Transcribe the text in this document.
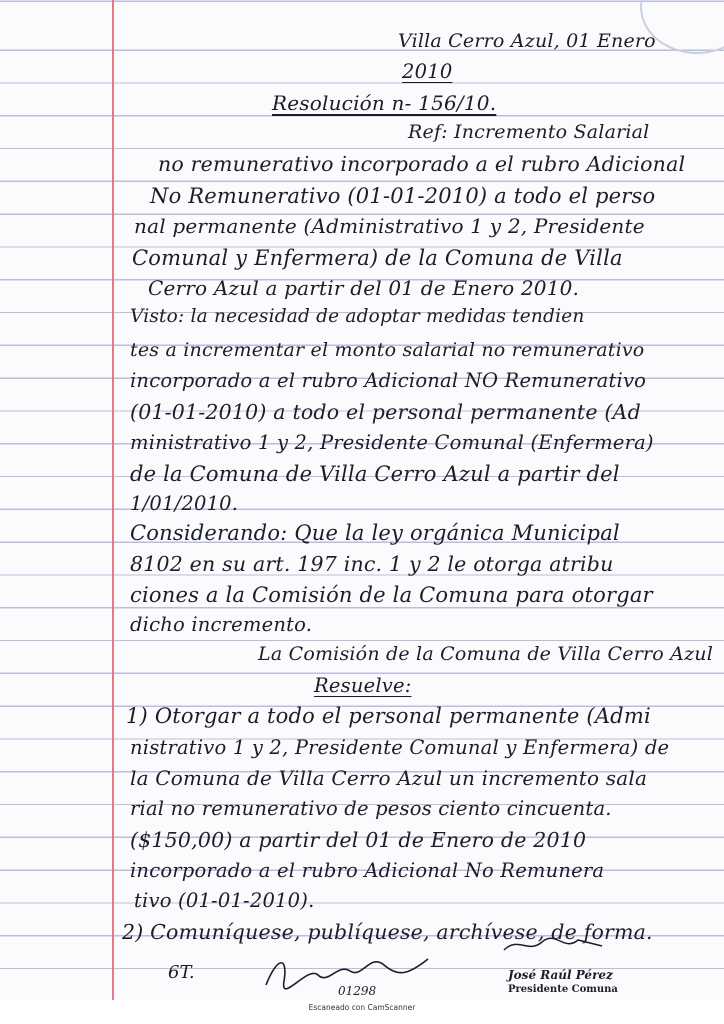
Villa Cerro Azul, 01 Enero
2010
Resolución n- 156/10.
Ref: Incremento Salarial
no remunerativo incorporado a el rubro Adicional
No Remunerativo (01-01-2010) a todo el perso
nal permanente (Administrativo 1 y 2, Presidente
Comunal y Enfermera) de la Comuna de Villa
Cerro Azul a partir del 01 de Enero 2010.
Visto: la necesidad de adoptar medidas tendien
tes a incrementar el monto salarial no remunerativo
incorporado a el rubro Adicional NO Remunerativo
(01-01-2010) a todo el personal permanente (Ad
ministrativo 1 y 2, Presidente Comunal (Enfermera)
de la Comuna de Villa Cerro Azul a partir del
1/01/2010.
Considerando: Que la ley orgánica Municipal
8102 en su art. 197 inc. 1 y 2 le otorga atribu
ciones a la Comisión de la Comuna para otorgar
dicho incremento.
La Comisión de la Comuna de Villa Cerro Azul
Resuelve:
1) Otorgar a todo el personal permanente (Admi
nistrativo 1 y 2, Presidente Comunal y Enfermera) de
la Comuna de Villa Cerro Azul un incremento sala
rial no remunerativo de pesos ciento cincuenta.
($150,00) a partir del 01 de Enero de 2010
incorporado a el rubro Adicional No Remunera
tivo (01-01-2010).
2) Comuníquese, publíquese, archívese, de forma.
6T.
01298
José Raúl Pérez
Presidente Comuna
Escaneado con CamScanner
